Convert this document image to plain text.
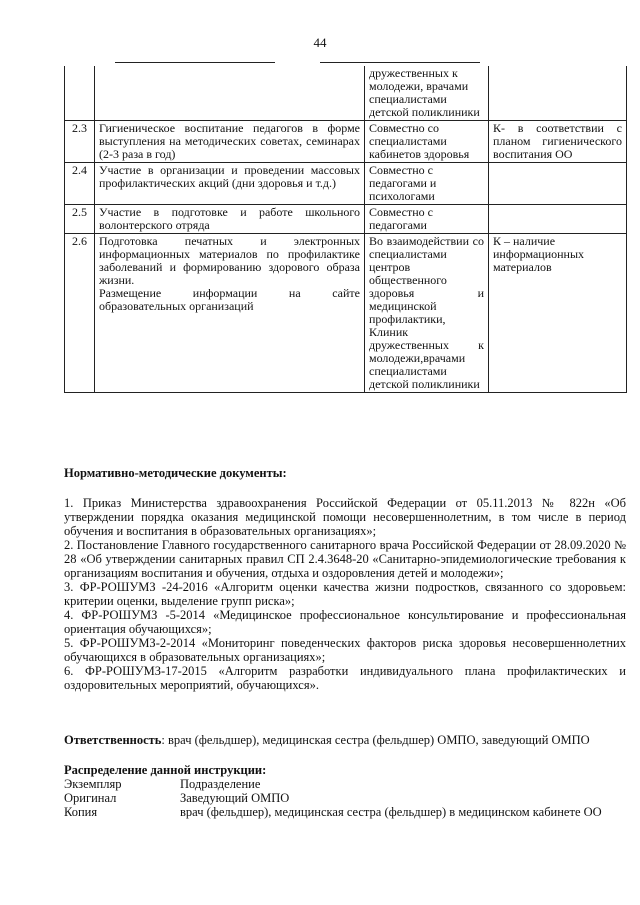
44
		дружественных к молодежи, врачами специалистами детской поликлиники	
2.3	Гигиеническое воспитание педагогов в форме выступления на методических советах, семинарах (2-3 раза в год)	Совместно со специалистами кабинетов здоровья	К- в соответствии с планом гигиенического воспитания ОО
2.4	Участие в организации и проведении массовых профилактических акций (дни здоровья и т.д.)	Совместно с педагогами и психологами	
2.5	Участие в подготовке и работе школьного волонтерского отряда	Совместно с педагогами	
2.6	Подготовка печатных и электронных информационных материалов по профилактике заболеваний и формированию здорового образа жизни.
Размещение информации на сайте образовательных организаций	Во взаимодействии со специалистами центров общественного здоровья и медицинской профилактики, Клиник дружественных к молодежи,врачами специалистами детской поликлиники	К – наличие информационных материалов
Нормативно-методические документы:

1. Приказ Министерства здравоохранения Российской Федерации от 05.11.2013 № 822н «Об утверждении порядка оказания медицинской помощи несовершеннолетним, в том числе в период обучения и воспитания в образовательных организациях»;

2. Постановление Главного государственного санитарного врача Российской Федерации от 28.09.2020 № 28 «Об утверждении санитарных правил СП 2.4.3648-20 «Санитарно-эпидемиологические требования к организациям воспитания и обучения, отдыха и оздоровления детей и молодежи»;

3. ФР-РОШУМЗ -24-2016 «Алгоритм оценки качества жизни подростков, связанного со здоровьем: критерии оценки, выделение групп риска»;

4. ФР-РОШУМЗ -5-2014 «Медицинское профессиональное консультирование и профессиональная ориентация обучающихся»;

5. ФР-РОШУМЗ-2-2014 «Мониторинг поведенческих факторов риска здоровья несовершеннолетних обучающихся в образовательных организациях»;

6. ФР-РОШУМЗ-17-2015 «Алгоритм разработки индивидуального плана профилактических и оздоровительных мероприятий, обучающихся».

Ответственность: врач (фельдшер), медицинская сестра (фельдшер) ОМПО, заведующий ОМПО
Распределение данной инструкции:
Экземпляр	Подразделение
Оригинал	Заведующий ОМПО
Копия	врач (фельдшер), медицинская сестра (фельдшер) в медицинском кабинете ОО
